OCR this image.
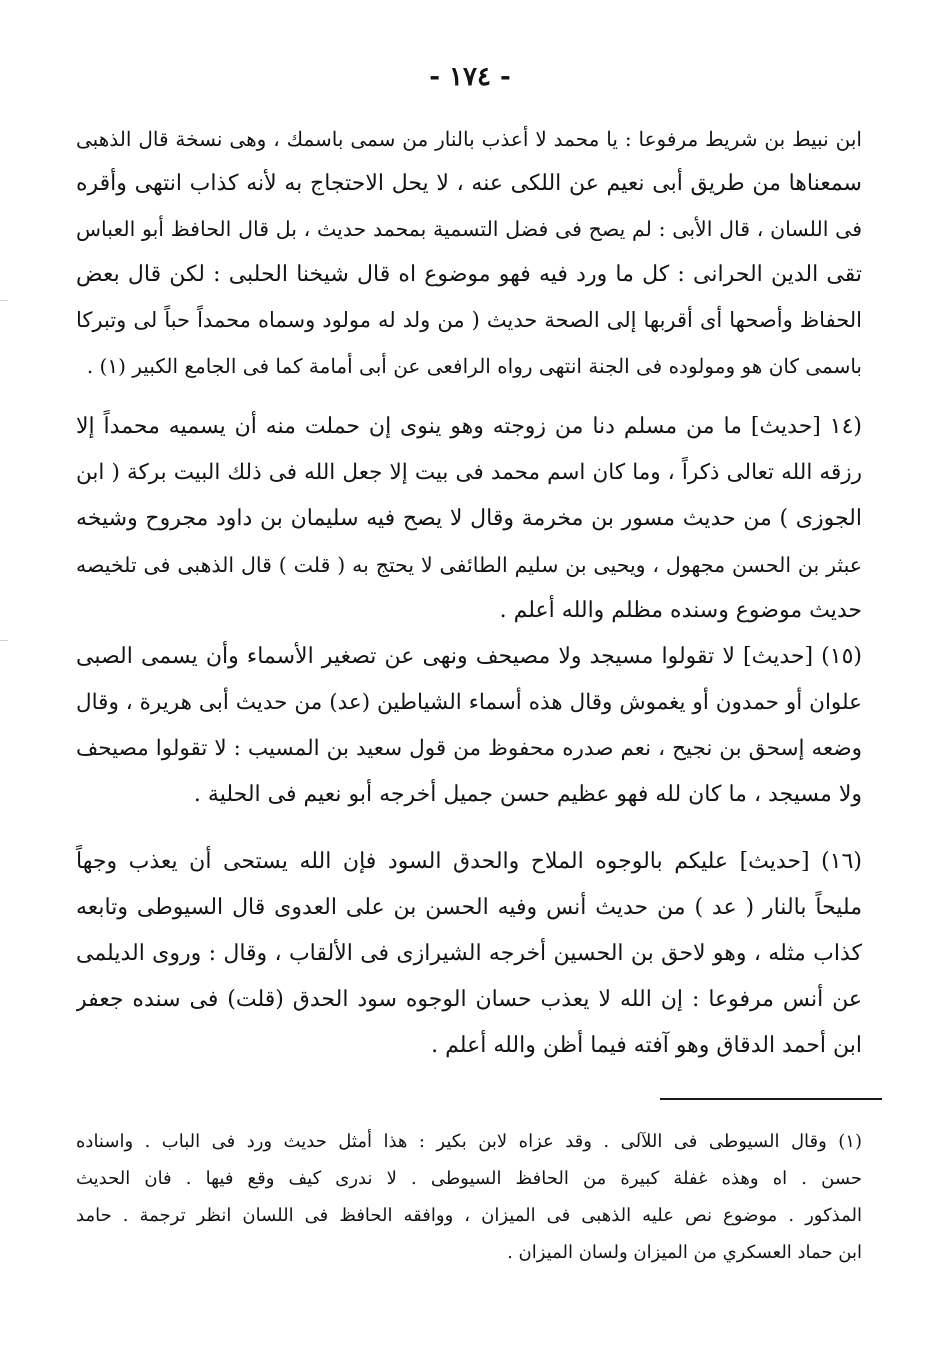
- ١٧٤ -
ابن نبيط بن شريط مرفوعا : يا محمد لا أعذب بالنار من سمى باسمك ، وهى نسخة قال الذهبى
سمعناها من طريق أبى نعيم عن اللكى عنه ، لا يحل الاحتجاج به لأنه كذاب انتهى وأقره
فى اللسان ، قال الأبى : لم يصح فى فضل التسمية بمحمد حديث ، بل قال الحافظ أبو العباس
تقى الدين الحرانى : كل ما ورد فيه فهو موضوع اه قال شيخنا الحلبى : لكن قال بعض
الحفاظ وأصحها أى أقربها إلى الصحة حديث ( من ولد له مولود وسماه محمداً حباً لى وتبركا
باسمى كان هو ومولوده فى الجنة انتهى رواه الرافعى عن أبى أمامة كما فى الجامع الكبير (١) .
(١٤ [حديث] ما من مسلم دنا من زوجته وهو ينوى إن حملت منه أن يسميه محمداً إلا
رزقه الله تعالى ذكراً ، وما كان اسم محمد فى بيت إلا جعل الله فى ذلك البيت بركة ( ابن
الجوزى ) من حديث مسور بن مخرمة وقال لا يصح فيه سليمان بن داود مجروح وشيخه
عبثر بن الحسن مجهول ، ويحيى بن سليم الطائفى لا يحتج به ( قلت ) قال الذهبى فى تلخيصه
حديث موضوع وسنده مظلم والله أعلم .
(١٥) [حديث] لا تقولوا مسيجد ولا مصيحف ونهى عن تصغير الأسماء وأن يسمى الصبى
علوان أو حمدون أو يغموش وقال هذه أسماء الشياطين (عد) من حديث أبى هريرة ، وقال
وضعه إسحق بن نجيح ، نعم صدره محفوظ من قول سعيد بن المسيب : لا تقولوا مصيحف
ولا مسيجد ، ما كان لله فهو عظيم حسن جميل أخرجه أبو نعيم فى الحلية .
(١٦) [حديث] عليكم بالوجوه الملاح والحدق السود فإن الله يستحى أن يعذب وجهاً
مليحاً بالنار ( عد ) من حديث أنس وفيه الحسن بن على العدوى قال السيوطى وتابعه
كذاب مثله ، وهو لاحق بن الحسين أخرجه الشيرازى فى الألقاب ، وقال : وروى الديلمى
عن أنس مرفوعا : إن الله لا يعذب حسان الوجوه سود الحدق (قلت) فى سنده جعفر
ابن أحمد الدقاق وهو آفته فيما أظن والله أعلم .
(١) وقال السيوطى فى اللآلى . وقد عزاه لابن بكير : هذا أمثل حديث ورد فى الباب . واسناده
حسن . اه وهذه غفلة كبيرة من الحافظ السيوطى . لا ندرى كيف وقع فيها . فان الحديث
المذكور . موضوع نص عليه الذهبى فى الميزان ، ووافقه الحافظ فى اللسان انظر ترجمة . حامد
ابن حماد العسكري من الميزان ولسان الميزان .
